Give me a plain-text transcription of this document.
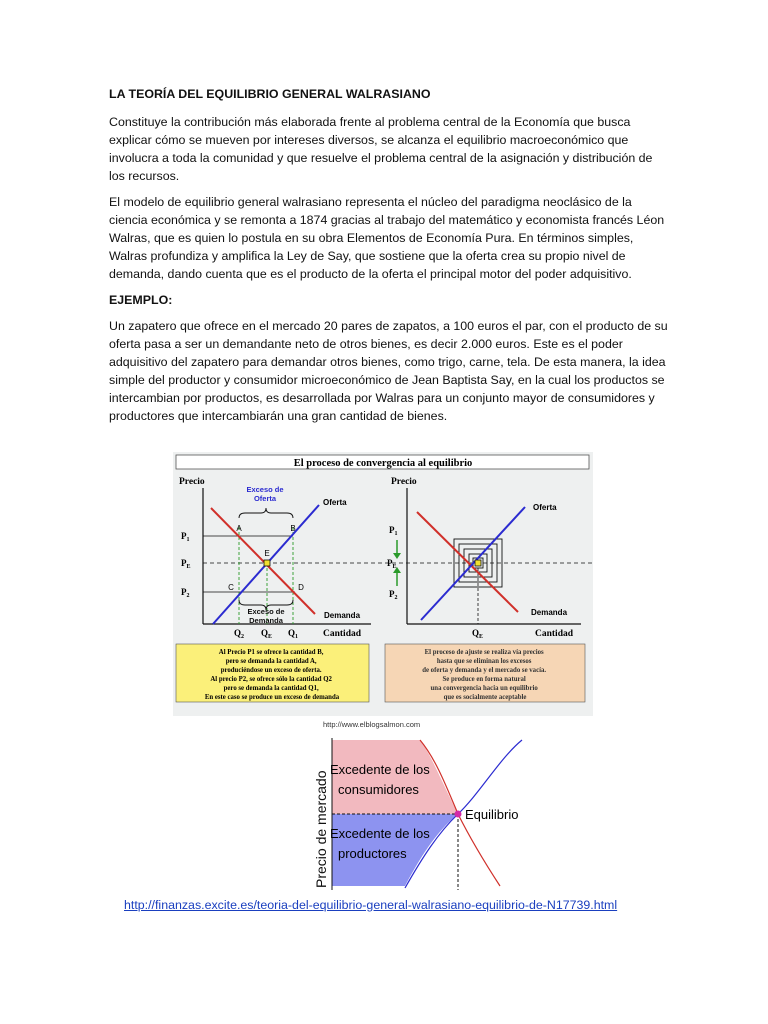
LA TEORÍA DEL EQUILIBRIO GENERAL WALRASIANO

Constituye la contribución más elaborada frente al problema central de la Economía que busca explicar cómo se mueven por intereses diversos, se alcanza el equilibrio macroeconómico que involucra a toda la comunidad y que resuelve el problema central de la asignación y distribución de los recursos.

El modelo de equilibrio general walrasiano representa el núcleo del paradigma neoclásico de la ciencia económica y se remonta a 1874 gracias al trabajo del matemático y economista francés Léon Walras, que es quien lo postula en su obra Elementos de Economía Pura. En términos simples, Walras profundiza y amplifica la Ley de Say, que sostiene que la oferta crea su propio nivel de demanda, dando cuenta que es el producto de la oferta el principal motor del poder adquisitivo.

EJEMPLO:

Un zapatero que ofrece en el mercado 20 pares de zapatos, a 100 euros el par, con el producto de su oferta pasa a ser un demandante neto de otros bienes, es decir 2.000 euros. Este es el poder adquisitivo del zapatero para demandar otros bienes, como trigo, carne, tela. De esta manera, la idea simple del productor y consumidor microeconómico de Jean Baptista Say, en la cual los productos se intercambian por productos, es desarrollada por Walras para un conjunto mayor de consumidores y productores que intercambiarán una gran cantidad de bienes.

El proceso de convergencia al equilibrio
Precio
Oferta
Demanda
Exceso de Oferta
Exceso de Demanda
A	B
E
C	D
$P_1$
$P_E$
$P_2$
$Q_2$ $Q_E$ $Q_1$	Cantidad
Precio
Oferta
Demanda
$P_1$
$P_E$
$P_2$
$Q_E$	Cantidad
Al Precio P1 se ofrece la cantidad B, pero se demanda la cantidad A, produciéndose un exceso de oferta. Al precio P2, se ofrece sólo la cantidad Q2 pero se demanda la cantidad Q1, En este caso se produce un exceso de demanda
El proceso de ajuste se realiza vía precios hasta que se eliminan los excesos de oferta y demanda y el mercado se vacía. Se produce en forma natural una convergencia hacia un equilibrio que es socialmente aceptable
http://www.elblogsalmon.com
Precio de mercado	Equilibrio
Excedente de los consumidores
Excedente de los productores
http://finanzas.excite.es/teoria-del-equilibrio-general-walrasiano-equilibrio-de-N17739.html
